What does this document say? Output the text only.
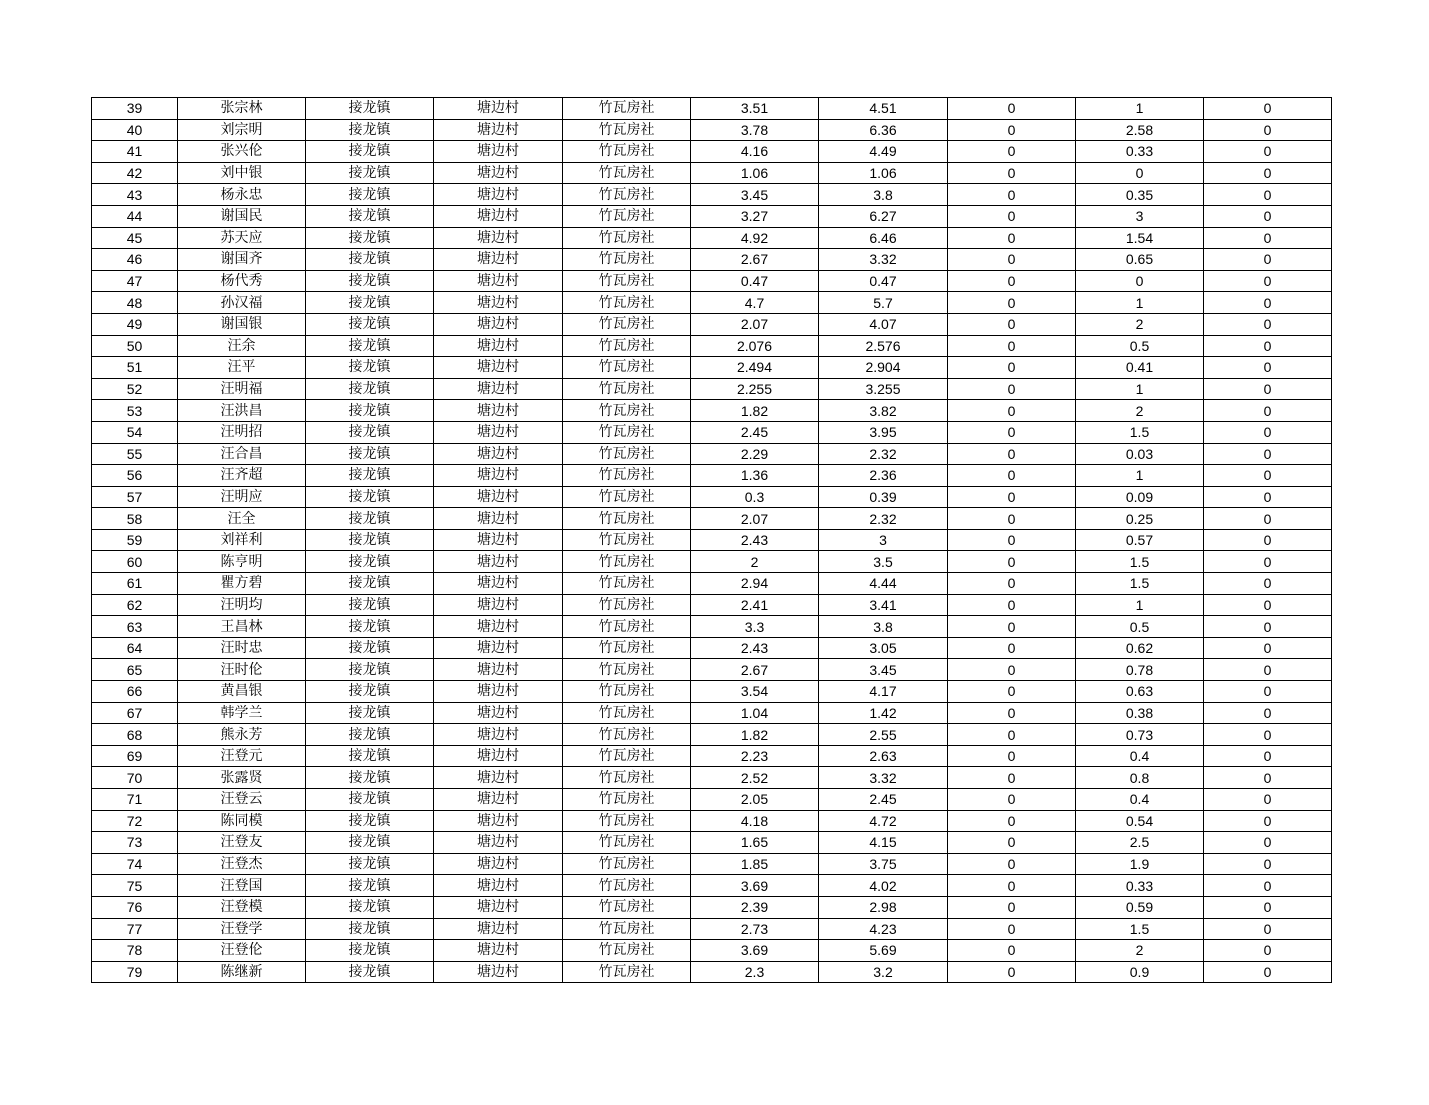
39	张宗林	接龙镇	塘边村	竹瓦房社	3.51	4.51	0	1	0
40	刘宗明	接龙镇	塘边村	竹瓦房社	3.78	6.36	0	2.58	0
41	张兴伦	接龙镇	塘边村	竹瓦房社	4.16	4.49	0	0.33	0
42	刘中银	接龙镇	塘边村	竹瓦房社	1.06	1.06	0	0	0
43	杨永忠	接龙镇	塘边村	竹瓦房社	3.45	3.8	0	0.35	0
44	谢国民	接龙镇	塘边村	竹瓦房社	3.27	6.27	0	3	0
45	苏天应	接龙镇	塘边村	竹瓦房社	4.92	6.46	0	1.54	0
46	谢国齐	接龙镇	塘边村	竹瓦房社	2.67	3.32	0	0.65	0
47	杨代秀	接龙镇	塘边村	竹瓦房社	0.47	0.47	0	0	0
48	孙汉福	接龙镇	塘边村	竹瓦房社	4.7	5.7	0	1	0
49	谢国银	接龙镇	塘边村	竹瓦房社	2.07	4.07	0	2	0
50	汪余	接龙镇	塘边村	竹瓦房社	2.076	2.576	0	0.5	0
51	汪平	接龙镇	塘边村	竹瓦房社	2.494	2.904	0	0.41	0
52	汪明福	接龙镇	塘边村	竹瓦房社	2.255	3.255	0	1	0
53	汪洪昌	接龙镇	塘边村	竹瓦房社	1.82	3.82	0	2	0
54	汪明招	接龙镇	塘边村	竹瓦房社	2.45	3.95	0	1.5	0
55	汪合昌	接龙镇	塘边村	竹瓦房社	2.29	2.32	0	0.03	0
56	汪齐超	接龙镇	塘边村	竹瓦房社	1.36	2.36	0	1	0
57	汪明应	接龙镇	塘边村	竹瓦房社	0.3	0.39	0	0.09	0
58	汪全	接龙镇	塘边村	竹瓦房社	2.07	2.32	0	0.25	0
59	刘祥利	接龙镇	塘边村	竹瓦房社	2.43	3	0	0.57	0
60	陈亨明	接龙镇	塘边村	竹瓦房社	2	3.5	0	1.5	0
61	瞿方碧	接龙镇	塘边村	竹瓦房社	2.94	4.44	0	1.5	0
62	汪明均	接龙镇	塘边村	竹瓦房社	2.41	3.41	0	1	0
63	王昌林	接龙镇	塘边村	竹瓦房社	3.3	3.8	0	0.5	0
64	汪时忠	接龙镇	塘边村	竹瓦房社	2.43	3.05	0	0.62	0
65	汪时伦	接龙镇	塘边村	竹瓦房社	2.67	3.45	0	0.78	0
66	黄昌银	接龙镇	塘边村	竹瓦房社	3.54	4.17	0	0.63	0
67	韩学兰	接龙镇	塘边村	竹瓦房社	1.04	1.42	0	0.38	0
68	熊永芳	接龙镇	塘边村	竹瓦房社	1.82	2.55	0	0.73	0
69	汪登元	接龙镇	塘边村	竹瓦房社	2.23	2.63	0	0.4	0
70	张露贤	接龙镇	塘边村	竹瓦房社	2.52	3.32	0	0.8	0
71	汪登云	接龙镇	塘边村	竹瓦房社	2.05	2.45	0	0.4	0
72	陈同模	接龙镇	塘边村	竹瓦房社	4.18	4.72	0	0.54	0
73	汪登友	接龙镇	塘边村	竹瓦房社	1.65	4.15	0	2.5	0
74	汪登杰	接龙镇	塘边村	竹瓦房社	1.85	3.75	0	1.9	0
75	汪登国	接龙镇	塘边村	竹瓦房社	3.69	4.02	0	0.33	0
76	汪登模	接龙镇	塘边村	竹瓦房社	2.39	2.98	0	0.59	0
77	汪登学	接龙镇	塘边村	竹瓦房社	2.73	4.23	0	1.5	0
78	汪登伦	接龙镇	塘边村	竹瓦房社	3.69	5.69	0	2	0
79	陈继新	接龙镇	塘边村	竹瓦房社	2.3	3.2	0	0.9	0
